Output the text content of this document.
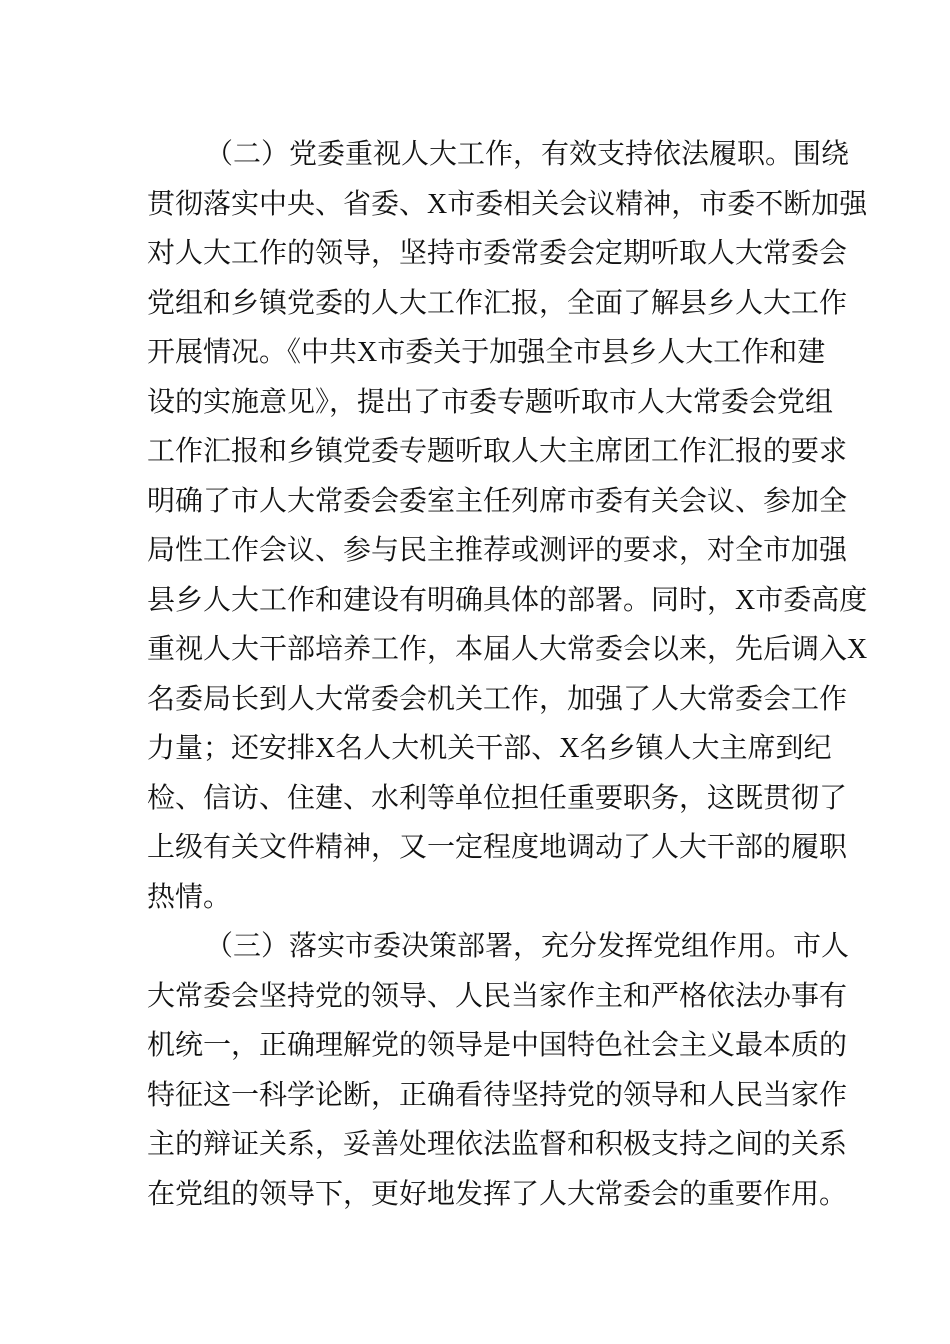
（二）党委重视人大工作，有效支持依法履职。围绕
贯彻落实中央、省委、X市委相关会议精神，市委不断加强
对人大工作的领导，坚持市委常委会定期听取人大常委会
党组和乡镇党委的人大工作汇报，全面了解县乡人大工作
开展情况。《中共X市委关于加强全市县乡人大工作和建
设的实施意见》，提出了市委专题听取市人大常委会党组
工作汇报和乡镇党委专题听取人大主席团工作汇报的要求
明确了市人大常委会委室主任列席市委有关会议、参加全
局性工作会议、参与民主推荐或测评的要求，对全市加强
县乡人大工作和建设有明确具体的部署。同时，X市委高度
重视人大干部培养工作，本届人大常委会以来，先后调入X
名委局长到人大常委会机关工作，加强了人大常委会工作
力量；还安排X名人大机关干部、X名乡镇人大主席到纪
检、信访、住建、水利等单位担任重要职务，这既贯彻了
上级有关文件精神，又一定程度地调动了人大干部的履职
热情。
（三）落实市委决策部署，充分发挥党组作用。市人
大常委会坚持党的领导、人民当家作主和严格依法办事有
机统一，正确理解党的领导是中国特色社会主义最本质的
特征这一科学论断，正确看待坚持党的领导和人民当家作
主的辩证关系，妥善处理依法监督和积极支持之间的关系
在党组的领导下，更好地发挥了人大常委会的重要作用。
